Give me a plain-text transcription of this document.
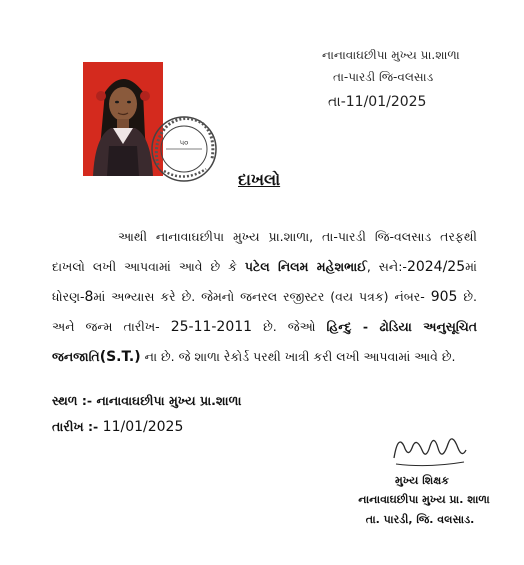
નાનાવાઘછીપા મુખ્ય પ્રા.શાળા
તા-પારડી જિ-વલસાડ
તા-11/01/2025
૫૦
દાખલો
આથી નાનાવાઘછીપા મુખ્ય પ્રા.શાળા, તા-પારડી જિ-વલસાડ તરફથી દાખલો લખી આપવામાં આવે છે કે પટેલ નિલમ મહેશભાઈ, સને:-2024/25માં ધોરણ-8માં અભ્યાસ કરે છે. જેમનો જનરલ રજીસ્ટર (વય પત્રક) નંબર- 905 છે. અને જન્મ તારીખ- 25-11-2011 છે. જેઓ હિન્દુ - ઢોડિયા અનુસૂચિત જનજાતિ(S.T.) ના છે. જે શાળા રેકોર્ડ પરથી ખાત્રી કરી લખી આપવામાં આવે છે.
સ્થળ :- નાનાવાઘછીપા મુખ્ય પ્રા.શાળા
તારીખ :- 11/01/2025
મુખ્ય શિક્ષક
નાનાવાઘછીપા મુખ્ય પ્રા. શાળા
તા. પારડી, જિ. વલસાડ.
